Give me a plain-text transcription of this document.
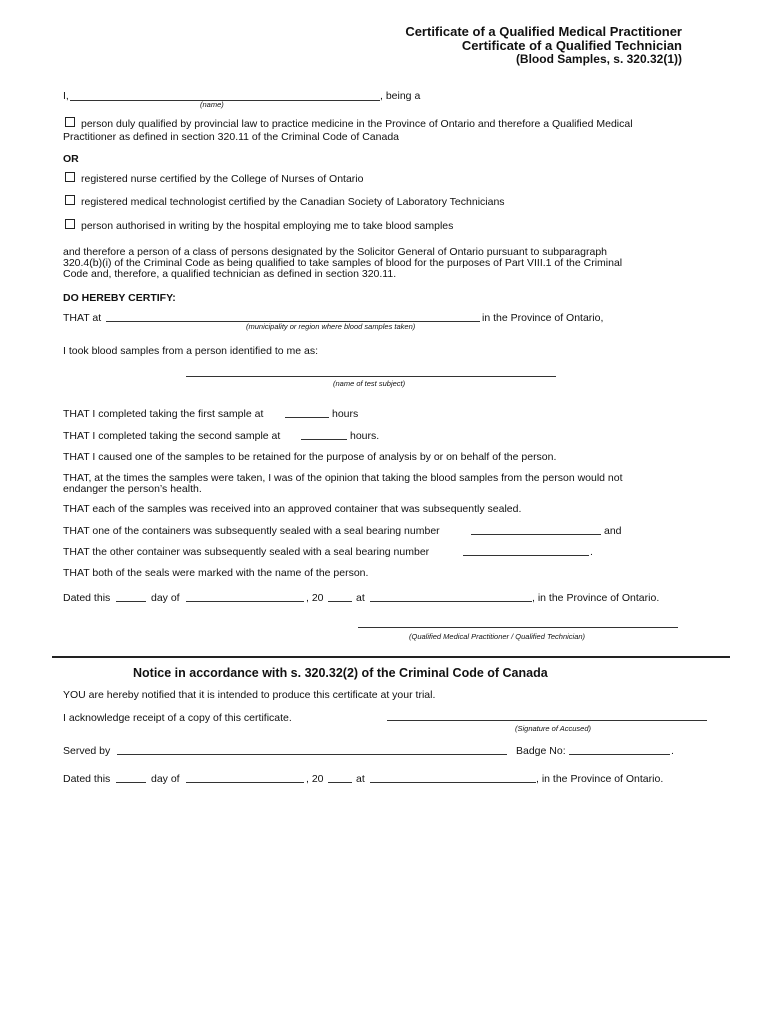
Certificate of a Qualified Medical Practitioner
Certificate of a Qualified Technician
(Blood Samples, s. 320.32(1))
I,	, being a
(name)
person duly qualified by provincial law to practice medicine in the Province of Ontario and therefore a Qualified Medical
Practitioner as defined in section 320.11 of the Criminal Code of Canada
OR
registered nurse certified by the College of Nurses of Ontario
registered medical technologist certified by the Canadian Society of Laboratory Technicians
person authorised in writing by the hospital employing me to take blood samples
and therefore a person of a class of persons designated by the Solicitor General of Ontario pursuant to subparagraph
320.4(b)(i) of the Criminal Code as being qualified to take samples of blood for the purposes of Part VIII.1 of the Criminal
Code and, therefore, a qualified technician as defined in section 320.11.
DO HEREBY CERTIFY:
THAT at	in the Province of Ontario,
(municipality or region where blood samples taken)
I took blood samples from a person identified to me as:
(name of test subject)
THAT I completed taking the first sample at	hours
THAT I completed taking the second sample at	hours.
THAT I caused one of the samples to be retained for the purpose of analysis by or on behalf of the person.
THAT, at the times the samples were taken, I was of the opinion that taking the blood samples from the person would not
endanger the person’s health.
THAT each of the samples was received into an approved container that was subsequently sealed.
THAT one of the containers was subsequently sealed with a seal bearing number	and
THAT the other container was subsequently sealed with a seal bearing number	.
THAT both of the seals were marked with the name of the person.
Dated this	day of	, 20	at	, in the Province of Ontario.
(Qualified Medical Practitioner / Qualified Technician)
Notice in accordance with s. 320.32(2) of the Criminal Code of Canada
YOU are hereby notified that it is intended to produce this certificate at your trial.
I acknowledge receipt of a copy of this certificate.
(Signature of Accused)
Served by	Badge No:	.
Dated this	day of	, 20	at	, in the Province of Ontario.
